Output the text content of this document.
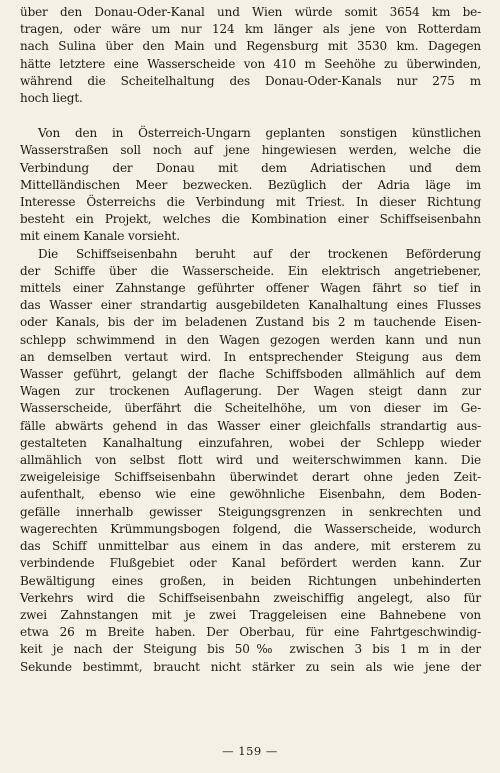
über den Donau-Oder-Kanal und Wien würde somit 3654 km be-
tragen, oder wäre um nur 124 km länger als jene von Rotterdam
nach Sulina über den Main und Regensburg mit 3530 km. Dagegen
hätte letztere eine Wasserscheide von 410 m Seehöhe zu überwinden,
während die Scheitelhaltung des Donau-Oder-Kanals nur 275 m
hoch liegt.
Von den in Österreich-Ungarn geplanten sonstigen künstlichen
Wasserstraßen soll noch auf jene hingewiesen werden, welche die
Verbindung der Donau mit dem Adriatischen und dem
Mittelländischen Meer bezwecken. Bezüglich der Adria läge im
Interesse Österreichs die Verbindung mit Triest. In dieser Richtung
besteht ein Projekt, welches die Kombination einer Schiffseisenbahn
mit einem Kanale vorsieht.
Die Schiffseisenbahn beruht auf der trockenen Beförderung
der Schiffe über die Wasserscheide. Ein elektrisch angetriebener,
mittels einer Zahnstange geführter offener Wagen fährt so tief in
das Wasser einer strandartig ausgebildeten Kanalhaltung eines Flusses
oder Kanals, bis der im beladenen Zustand bis 2 m tauchende Eisen-
schlepp schwimmend in den Wagen gezogen werden kann und nun
an demselben vertaut wird. In entsprechender Steigung aus dem
Wasser geführt, gelangt der flache Schiffsboden allmählich auf dem
Wagen zur trockenen Auflagerung. Der Wagen steigt dann zur
Wasserscheide, überfährt die Scheitelhöhe, um von dieser im Ge-
fälle abwärts gehend in das Wasser einer gleichfalls strandartig aus-
gestalteten Kanalhaltung einzufahren, wobei der Schlepp wieder
allmählich von selbst flott wird und weiterschwimmen kann. Die
zweigeleisige Schiffseisenbahn überwindet derart ohne jeden Zeit-
aufenthalt, ebenso wie eine gewöhnliche Eisenbahn, dem Boden-
gefälle innerhalb gewisser Steigungsgrenzen in senkrechten und
wagerechten Krümmungsbogen folgend, die Wasserscheide, wodurch
das Schiff unmittelbar aus einem in das andere, mit ersterem zu
verbindende Flußgebiet oder Kanal befördert werden kann. Zur
Bewältigung eines großen, in beiden Richtungen unbehinderten
Verkehrs wird die Schiffseisenbahn zweischiffig angelegt, also für
zwei Zahnstangen mit je zwei Traggeleisen eine Bahnebene von
etwa 26 m Breite haben. Der Oberbau, für eine Fahrtgeschwindig-
keit je nach der Steigung bis 50‰ zwischen 3 bis 1 m in der
Sekunde bestimmt, braucht nicht stärker zu sein als wie jene der
— 159 —
